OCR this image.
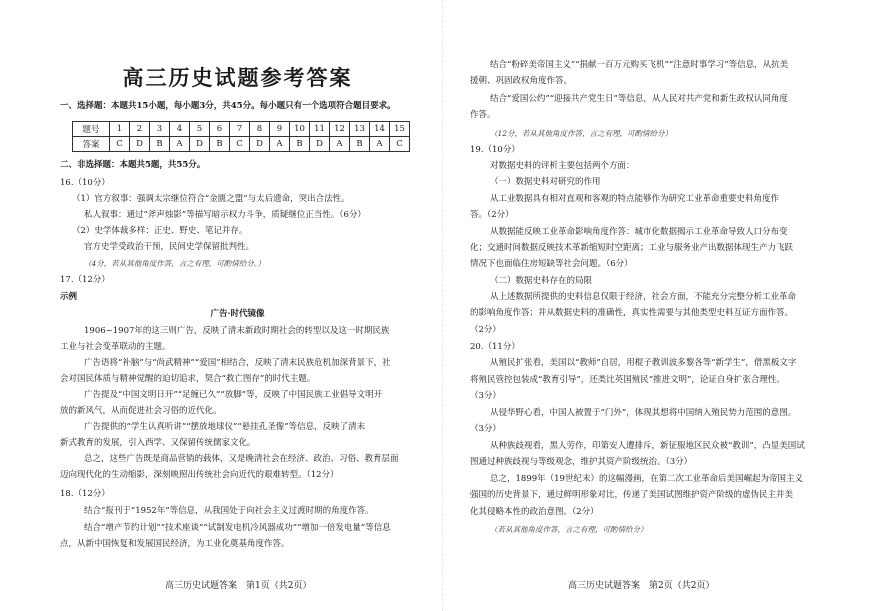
高三历史试题参考答案
一、选择题：本题共15小题，每小题3分，共45分。每小题只有一个选项符合题目要求。
题号	1	2	3	4	5	6	7	8	9	10	11	12	13	14	15
答案	C	D	B	A	D	B	C	D	A	B	D	A	B	A	C
二、非选择题：本题共5题，共55分。
16.（10分）
（1）官方叙事：强调太宗继位符合“金匮之盟”与太后遗命，突出合法性。
私人叙事：通过“斧声烛影”等描写暗示权力斗争，质疑继位正当性。（6分）
（2）史学体裁多样：正史、野史、笔记并存。
官方史学受政治干预，民间史学保留批判性。
（4分，若从其他角度作答，言之有理，可酌情给分。）
17.（12分）
示例
广告·时代镜像
1906~1907年的这三则广告，反映了清末新政时期社会的转型以及这一时期民族
工业与社会变革联动的主题。
广告语将“补脑”与“尚武精神”“爱国”相结合，反映了清末民族危机加深背景下，社
会对国民体质与精神觉醒的迫切追求，契合“救亡图存”的时代主题。
广告提及“中国文明日开”“足缠已久”“放脚”等，反映了中国民族工业倡导文明开
放的新风气，从而促进社会习俗的近代化。
广告提供的“学生认真听讲”“摆放地球仪”“悬挂孔圣像”等信息，反映了清末
新式教育的发展，引入西学、又保留传统儒家文化。
总之，这些广告既是商品营销的载体，又是晚清社会在经济、政治、习俗、教育层面
迈向现代化的生动缩影，深刻映照出传统社会向近代的艰难转型。（12分）
18.（12分）
结合“报刊于“1952年”等信息，从我国处于向社会主义过渡时期的角度作答。
结合“增产节约计划”“技术座谈”“试制发电机冷风器成功”“增加一倍发电量”等信息
点，从新中国恢复和发展国民经济，为工业化奠基角度作答。
高三历史试题答案　第1页（共2页）
结合“粉碎美帝国主义”“捐献一百万元购买飞机”“注意时事学习”等信息，从抗美
援朝、巩固政权角度作答。
结合“爱国公约”“迎接共产党生日”等信息，从人民对共产党和新生政权认同角度
作答。
（12分，若从其他角度作答，言之有理，可酌情给分）
19.（10分）
对数据史料的评析主要包括两个方面：
（一）数据史料对研究的作用
从工业数据具有相对直观和客观的特点能够作为研究工业革命重要史料角度作
答。（2分）
从数据能反映工业革命影响角度作答：城市化数据揭示工业革命导致人口分布变
化；交通时间数据反映技术革新缩短时空距离；工业与服务业产出数据体现生产力飞跃
情况下也面临住房短缺等社会问题。（6分）
（二）数据史料存在的局限
从上述数据所提供的史料信息仅限于经济，社会方面，不能充分完整分析工业革命
的影响角度作答；并从数据史料的准确性，真实性需要与其他类型史料互证方面作答。
（2分）
20.（11分）
从殖民扩张看，美国以“教师”自居，用棍子教训波多黎各等“新学生”，借黑板文字
将殖民管控包装成“教育引导”，还类比英国殖民“推进文明”，论证自身扩张合理性。
（3分）
从侵华野心看，中国人被置于“门外”，体现其想将中国纳入殖民势力范围的意图。
（3分）
从种族歧视看，黑人劳作，印第安人遭排斥，新征服地区民众被“教训”，凸显美国试
图通过种族歧视与等级观念，维护其资产阶级统治。（3分）
总之，1899年（19世纪末）的这幅漫画，在第二次工业革命后美国崛起为帝国主义
强国的历史背景下，通过鲜明形象对比，传递了美国试图维护资产阶级的虚伪民主并美
化其侵略本性的政治意图。（2分）
（若从其他角度作答，言之有理，可酌情给分）
高三历史试题答案　第2页（共2页）
